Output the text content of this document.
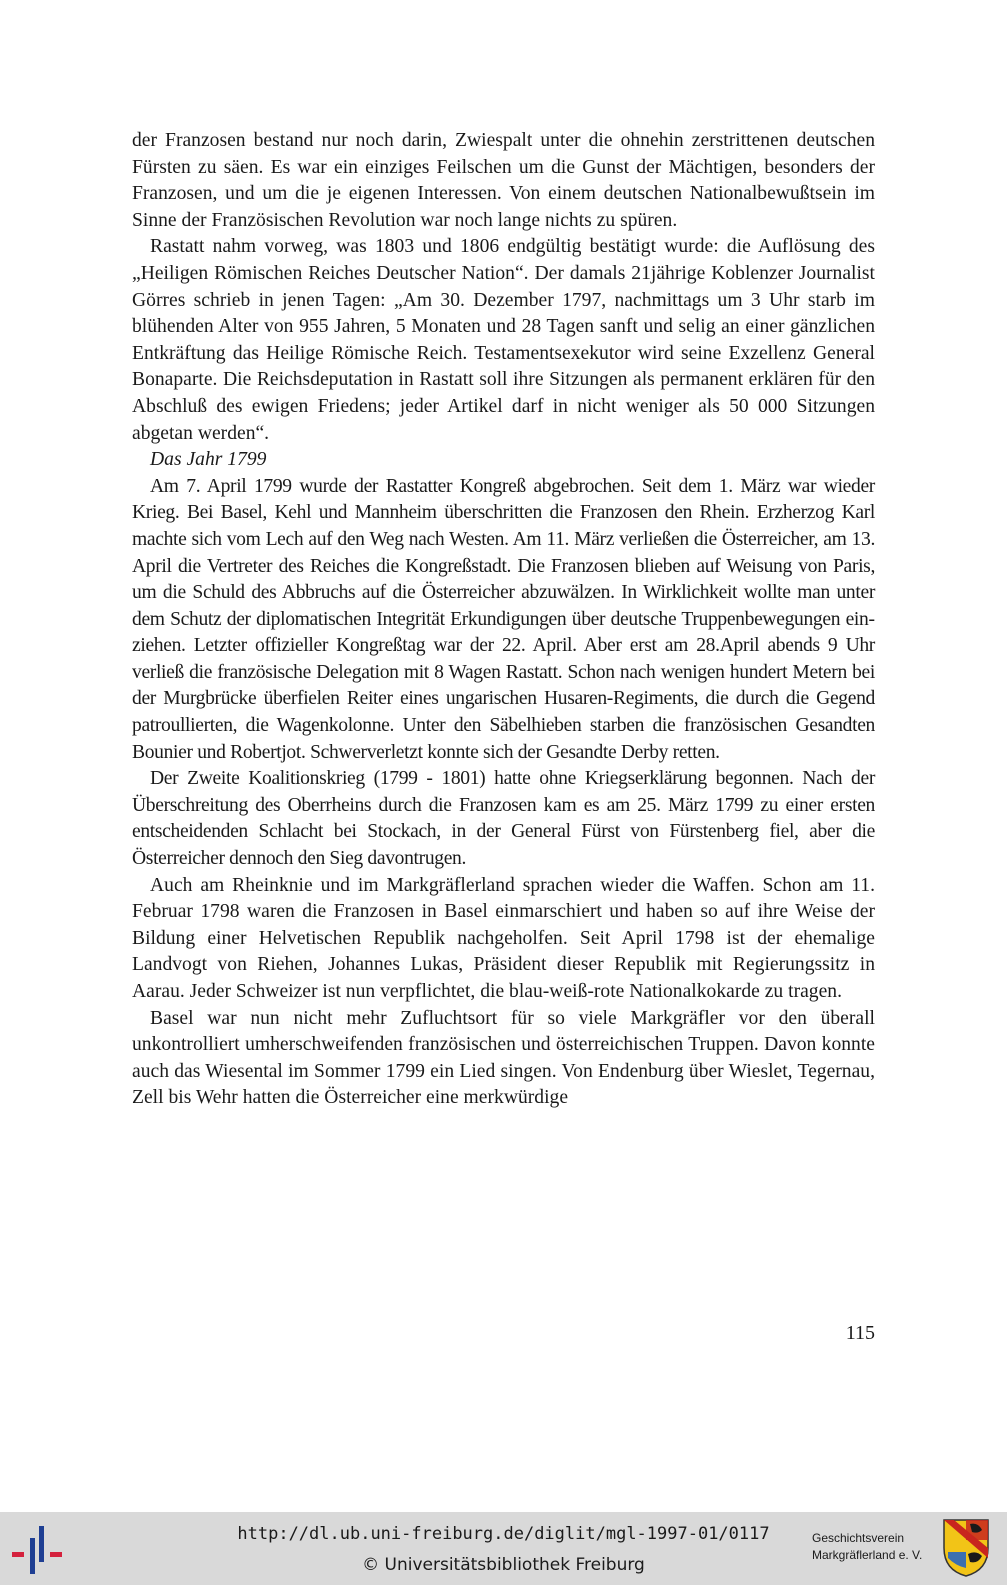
der Franzosen bestand nur noch darin, Zwiespalt unter die ohnehin zerstrittenen deutschen Fürsten zu säen. Es war ein einziges Feilschen um die Gunst der Mächtigen, besonders der Franzosen, und um die je eigenen Interessen. Von einem deutschen Nationalbewußtsein im Sinne der Französischen Revolution war noch lange nichts zu spüren.

Rastatt nahm vorweg, was 1803 und 1806 endgültig bestätigt wurde: die Auflösung des „Heiligen Römischen Reiches Deutscher Nation“. Der damals 21jährige Koblenzer Journalist Görres schrieb in jenen Tagen: „Am 30. Dezember 1797, nachmittags um 3 Uhr starb im blühenden Alter von 955 Jahren, 5 Monaten und 28 Tagen sanft und selig an einer gänzlichen Entkräftung das Heilige Römische Reich. Testamentsexekutor wird seine Exzellenz General Bonaparte. Die Reichsdeputation in Rastatt soll ihre Sitzungen als permanent erklären für den Abschluß des ewigen Friedens; jeder Artikel darf in nicht weniger als 50 000 Sitzungen abgetan werden“.

Das Jahr 1799

Am 7. April 1799 wurde der Rastatter Kongreß abgebrochen. Seit dem 1. März war wieder Krieg. Bei Basel, Kehl und Mannheim überschritten die Franzosen den Rhein. Erzherzog Karl machte sich vom Lech auf den Weg nach Westen. Am 11. März verließen die Österreicher, am 13. April die Vertreter des Reiches die Kongreßstadt. Die Franzosen blieben auf Weisung von Paris, um die Schuld des Abbruchs auf die Österreicher abzuwälzen. In Wirklichkeit wollte man unter dem Schutz der diplomatischen Integrität Erkundigungen über deutsche Truppenbewegungen einziehen. Letzter offizieller Kongreßtag war der 22. April. Aber erst am 28.April abends 9 Uhr verließ die französische Delegation mit 8 Wagen Rastatt. Schon nach wenigen hundert Metern bei der Murgbrücke überfielen Reiter eines ungarischen Husaren-Regiments, die durch die Gegend patroullierten, die Wagenkolonne. Unter den Säbelhieben starben die französischen Gesandten Bounier und Robertjot. Schwerverletzt konnte sich der Gesandte Derby retten.

Der Zweite Koalitionskrieg (1799 - 1801) hatte ohne Kriegserklärung begonnen. Nach der Überschreitung des Oberrheins durch die Franzosen kam es am 25. März 1799 zu einer ersten entscheidenden Schlacht bei Stockach, in der General Fürst von Fürstenberg fiel, aber die Österreicher dennoch den Sieg davontrugen.

Auch am Rheinknie und im Markgräflerland sprachen wieder die Waffen. Schon am 11. Februar 1798 waren die Franzosen in Basel einmarschiert und haben so auf ihre Weise der Bildung einer Helvetischen Republik nachgeholfen. Seit April 1798 ist der ehemalige Landvogt von Riehen, Johannes Lukas, Präsident dieser Republik mit Regierungssitz in Aarau. Jeder Schweizer ist nun verpflichtet, die blau-weiß-rote Nationalkokarde zu tragen.

Basel war nun nicht mehr Zufluchtsort für so viele Markgräfler vor den überall unkontrolliert umherschweifenden französischen und österreichischen Truppen. Davon konnte auch das Wiesental im Sommer 1799 ein Lied singen. Von Endenburg über Wieslet, Tegernau, Zell bis Wehr hatten die Österreicher eine merkwürdige

115
http://dl.ub.uni-freiburg.de/diglit/mgl-1997-01/0117
© Universitätsbibliothek Freiburg
Geschichtsverein
Markgräflerland e. V.
